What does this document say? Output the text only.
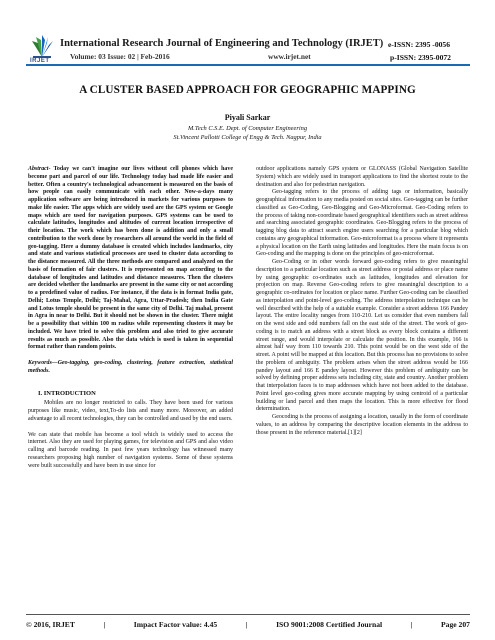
IRJET
International Research Journal of Engineering and Technology (IRJET)
Volume: 03 Issue: 02 | Feb-2016	www.irjet.net
e-ISSN: 2395 -0056
p-ISSN: 2395-0072
A CLUSTER BASED APPROACH FOR GEOGRAPHIC MAPPING
Piyali Sarkar
M.Tech C.S.E. Dept. of Computer Engineering
St.Vincent Pallotti College of Engg & Tech. Nagpur, India

Abstract- Today we can't imagine our lives without cell phones which have become part and parcel of our life. Technology today had made life easier and better. Often a country's technological advancement is measured on the basis of how people can easily communicate with each other. Now-a-days many application software are being introduced in markets for various purposes to make life easier. The apps which are widely used are the GPS system or Google maps which are used for navigation purposes. GPS systems can be used to calculate latitudes, longitudes and altitudes of current location irrespective of their location. The work which has been done is addition and only a small contribution to the work done by researchers all around the world in the field of geo-tagging. Here a dummy database is created which includes landmarks, city and state and various statistical processes are used to cluster data according to the distance measured. All the three methods are compared and analyzed on the basis of formation of fair clusters. It is represented on map according to the database of longitudes and latitudes and distance measures. Then the clusters are decided whether the landmarks are present in the same city or not according to a predefined value of radius. For instance, if the data is in format India gate, Delhi; Lotus Temple, Delhi; Taj-Mahal, Agra, Uttar-Pradesh; then India Gate and Lotus temple should be present in the same city of Delhi. Taj mahal, present in Agra in near to Delhi. But it should not be shown in the cluster. There might be a possibility that within 100 m radius while representing clusters it may be included. We have tried to solve this problem and also tried to give accurate results as much as possible. Also the data which is used is taken in sequential format rather than random points.

Keywords—Geo-tagging, geo-coding, clustering, feature extraction, statistical methods.

I. INTRODUCTION

Mobiles are no longer restricted to calls. They have been used for various purposes like music, video, text,To-do lists and many more. Moreover, an added advantage to all recent technologies, they can be controlled and used by the end users.

We can state that mobile has become a tool which is widely used to access the internet. Also they are used for playing games, for television and GPS and also video calling and barcode reading. In past few years technology has witnessed many researchers proposing high number of navigation systems. Some of these systems were built successfully and have been in use since for

outdoor applications namely GPS system or GLONASS (Global Navigation Satellite System) which are widely used in transport applications to find the shortest route to the destination and also for pedestrian navigation.

Geo-tagging refers to the process of adding tags or information, basically geographical information to any media posted on social sites. Geo-tagging can be further classified as Geo-Coding, Geo-Blogging and Geo-Microformat. Geo-Coding refers to the process of taking non-coordinate based geographical identifiers such as street address and searching associated geographic coordinates. Geo-Blogging refers to the process of tagging blog data to attract search engine users searching for a particular blog which contains any geographical information. Geo-microformat is a process where it represents a physical location on the Earth using latitudes and longitudes. Here the main focus is on Geo-coding and the mapping is done on the principles of geo-microformat.

Geo-Coding or in other words forward geo-coding refers to give meaningful description to a particular location such as street address or postal address or place name by using geographic co-ordinates such as latitudes, longitudes and elevation for projection on map. Reverse Geo-coding refers to give meaningful description to a geographic co-ordinates for location or place name. Further Geo-coding can be classified as interpolation and point-level geo-coding. The address interpolation technique can be well described with the help of a suitable example. Consider a street address 166 Pandey layout. The entire locality ranges from 110-210. Let us consider that even numbers fall on the west side and odd numbers fall on the east side of the street. The work of geo-coding is to match an address with a street block as every block contains a different street range, and would interpolate or calculate the position. In this example, 166 is almost half way from 110 towards 210. This point would be on the west side of the street. A point will be mapped at this location. But this process has no provisions to solve the problem of ambiguity. The problem arises when the street address would be 166 pandey layout and 166 E pandey layout. However this problem of ambiguity can be solved by defining proper address sets including city, state and country. Another problem that interpolation faces is to map addresses which have not been added to the database. Point level geo-coding gives more accurate mapping by using centroid of a particular building or land parcel and then maps the location. This is more effective for flood determination.

Geocoding is the process of assigning a location, usually in the form of coordinate values, to an address by comparing the descriptive location elements in the address to those present in the reference material.[1][2]

© 2016, IRJET	|	Impact Factor value: 4.45	|	ISO 9001:2008 Certified Journal	|	Page 207
